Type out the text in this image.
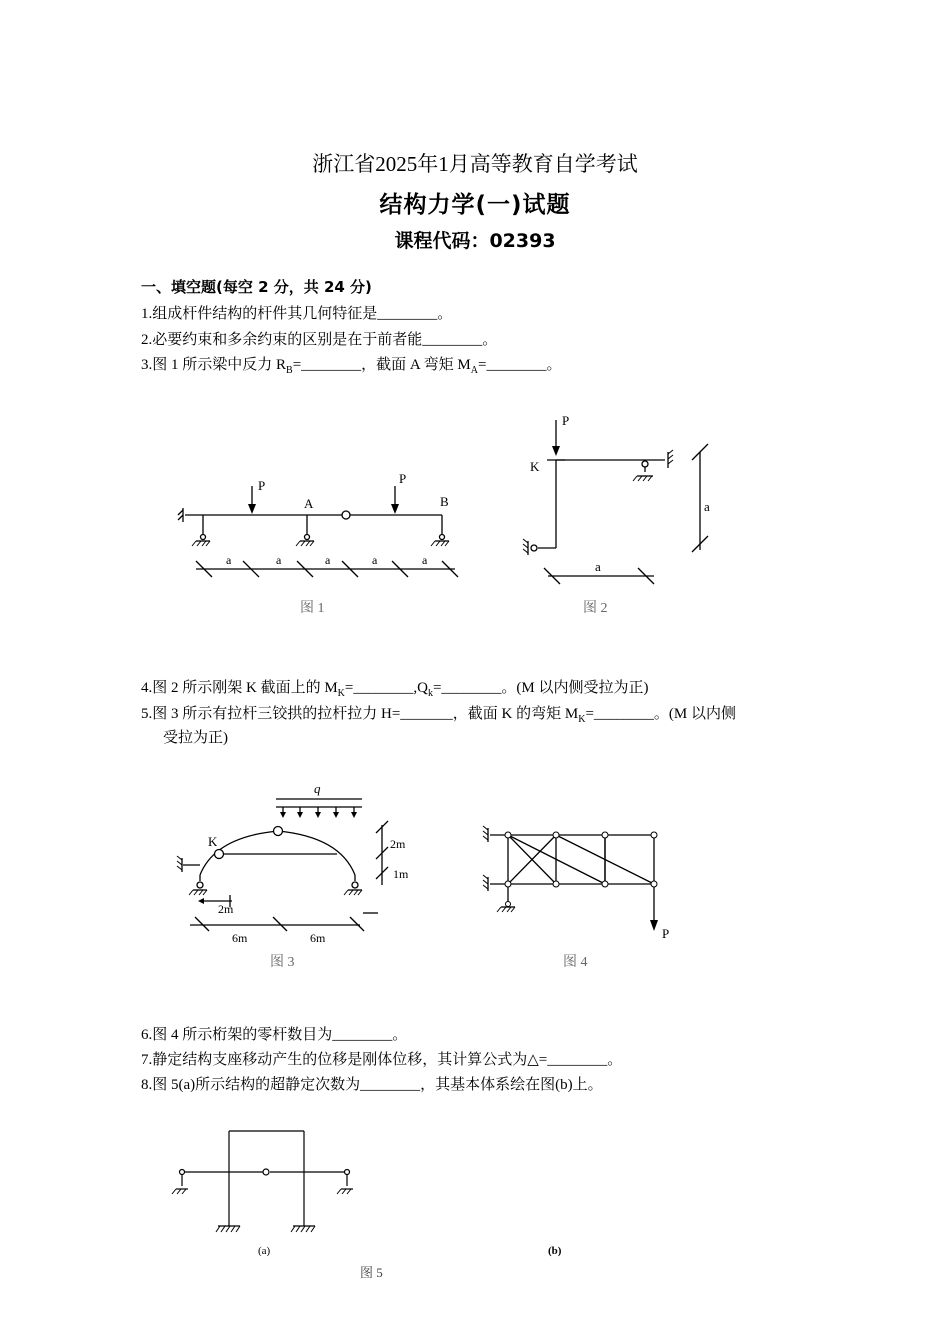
浙江省2025年1月高等教育自学考试
结构力学(一)试题
课程代码：02393
一、填空题(每空 2 分，共 24 分)
1.组成杆件结构的杆件其几何特征是________。
2.必要约束和多余约束的区别是在于前者能________。
3.图 1 所示梁中反力 $R_B=\_\_\_\_\_\_\_\_$，截面 A 弯矩 $M_A=\_\_\_\_\_\_\_\_$。
P	P
A	B
a	a	a	a	a
图 1
P
K
a
a
图 2
4.图 2 所示刚架 K 截面上的 $M_K=\_\_\_\_\_\_\_\_,Q_k=\_\_\_\_\_\_\_\_$。(M 以内侧受拉为正)
5.图 3 所示有拉杆三铰拱的拉杆拉力 H=_______，截面 K 的弯矩 $M_K=\_\_\_\_\_\_\_\_$。(M 以内侧
受拉为正)
q
K	2m
1m
2m
6m	6m
图 3
P
图 4
6.图 4 所示桁架的零杆数目为________。
7.静定结构支座移动产生的位移是刚体位移，其计算公式为△=________。
8.图 5(a)所示结构的超静定次数为________，其基本体系绘在图(b)上。
(a)	(b)
图 5
